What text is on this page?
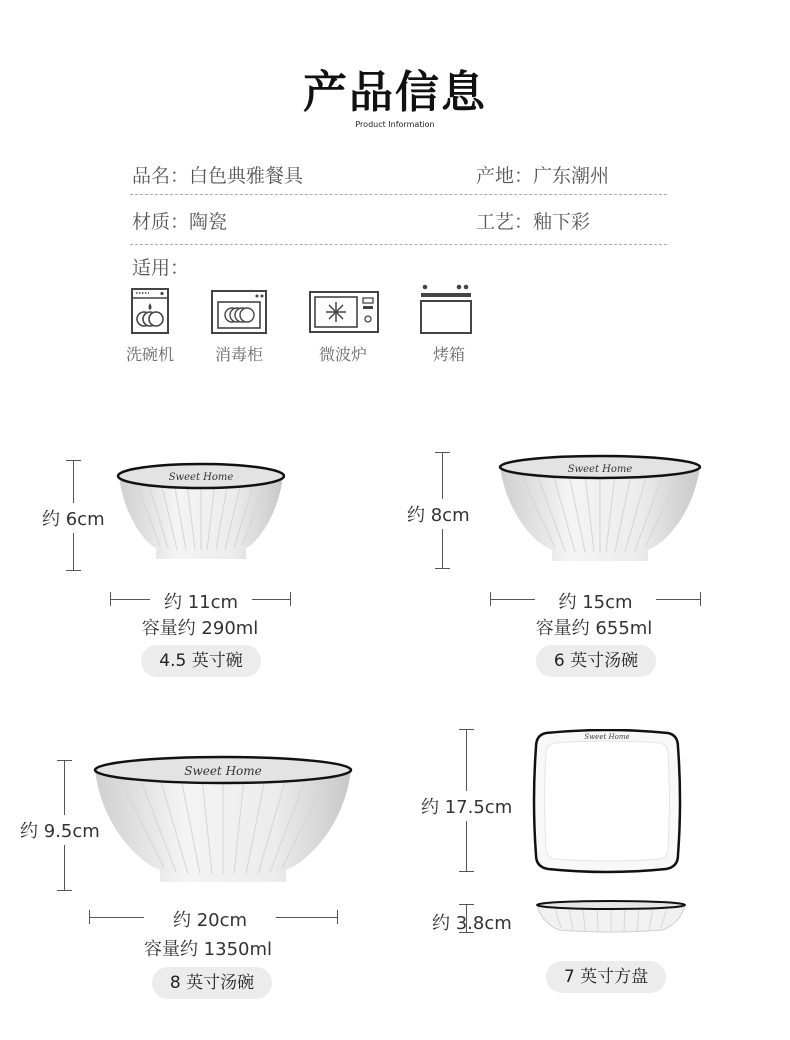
产品信息
Product Information
品名：白色典雅餐具	产地：广东潮州
材质：陶瓷	工艺：釉下彩
适用：
洗碗机	消毒柜	微波炉	烤箱
约 6cm
Sweet Home
约 11cm
容量约 290ml
4.5 英寸碗
约 8cm
Sweet Home
约 15cm
容量约 655ml
6 英寸汤碗
约 9.5cm
Sweet Home
约 20cm
容量约 1350ml
8 英寸汤碗
约 17.5cm
Sweet Home
约 3.8cm
7 英寸方盘
